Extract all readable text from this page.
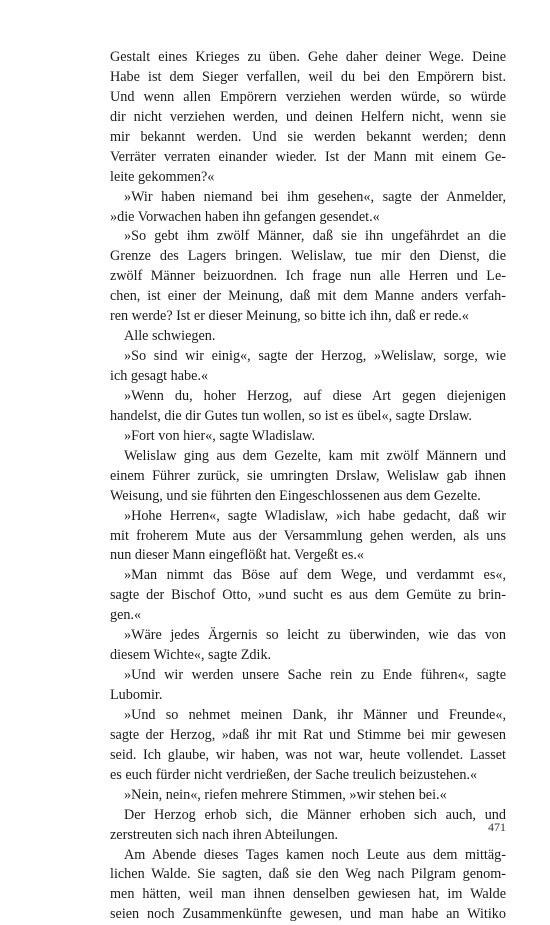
Gestalt eines Krieges zu üben. Gehe daher deiner Wege. Deine
Habe ist dem Sieger verfallen, weil du bei den Empörern bist.
Und wenn allen Empörern verziehen werden würde, so würde
dir nicht verziehen werden, und deinen Helfern nicht, wenn sie
mir bekannt werden. Und sie werden bekannt werden; denn
Verräter verraten einander wieder. Ist der Mann mit einem Ge-
leite gekommen?«
»Wir haben niemand bei ihm gesehen«, sagte der Anmelder,
»die Vorwachen haben ihn gefangen gesendet.«
»So gebt ihm zwölf Männer, daß sie ihn ungefährdet an die
Grenze des Lagers bringen. Welislaw, tue mir den Dienst, die
zwölf Männer beizuordnen. Ich frage nun alle Herren und Le-
chen, ist einer der Meinung, daß mit dem Manne anders verfah-
ren werde? Ist er dieser Meinung, so bitte ich ihn, daß er rede.«
Alle schwiegen.
»So sind wir einig«, sagte der Herzog, »Welislaw, sorge, wie
ich gesagt habe.«
»Wenn du, hoher Herzog, auf diese Art gegen diejenigen
handelst, die dir Gutes tun wollen, so ist es übel«, sagte Drslaw.
»Fort von hier«, sagte Wladislaw.
Welislaw ging aus dem Gezelte, kam mit zwölf Männern und
einem Führer zurück, sie umringten Drslaw, Welislaw gab ihnen
Weisung, und sie führten den Eingeschlossenen aus dem Gezelte.
»Hohe Herren«, sagte Wladislaw, »ich habe gedacht, daß wir
mit froherem Mute aus der Versammlung gehen werden, als uns
nun dieser Mann eingeflößt hat. Vergeßt es.«
»Man nimmt das Böse auf dem Wege, und verdammt es«,
sagte der Bischof Otto, »und sucht es aus dem Gemüte zu brin-
gen.«
»Wäre jedes Ärgernis so leicht zu überwinden, wie das von
diesem Wichte«, sagte Zdik.
»Und wir werden unsere Sache rein zu Ende führen«, sagte
Lubomir.
»Und so nehmet meinen Dank, ihr Männer und Freunde«,
sagte der Herzog, »daß ihr mit Rat und Stimme bei mir gewesen
seid. Ich glaube, wir haben, was not war, heute vollendet. Lasset
es euch fürder nicht verdrießen, der Sache treulich beizustehen.«
»Nein, nein«, riefen mehrere Stimmen, »wir stehen bei.«
Der Herzog erhob sich, die Männer erhoben sich auch, und
zerstreuten sich nach ihren Abteilungen.
Am Abende dieses Tages kamen noch Leute aus dem mittäg-
lichen Walde. Sie sagten, daß sie den Weg nach Pilgram genom-
men hätten, weil man ihnen denselben gewiesen hat, im Walde
seien noch Zusammenkünfte gewesen, und man habe an Witiko
471
